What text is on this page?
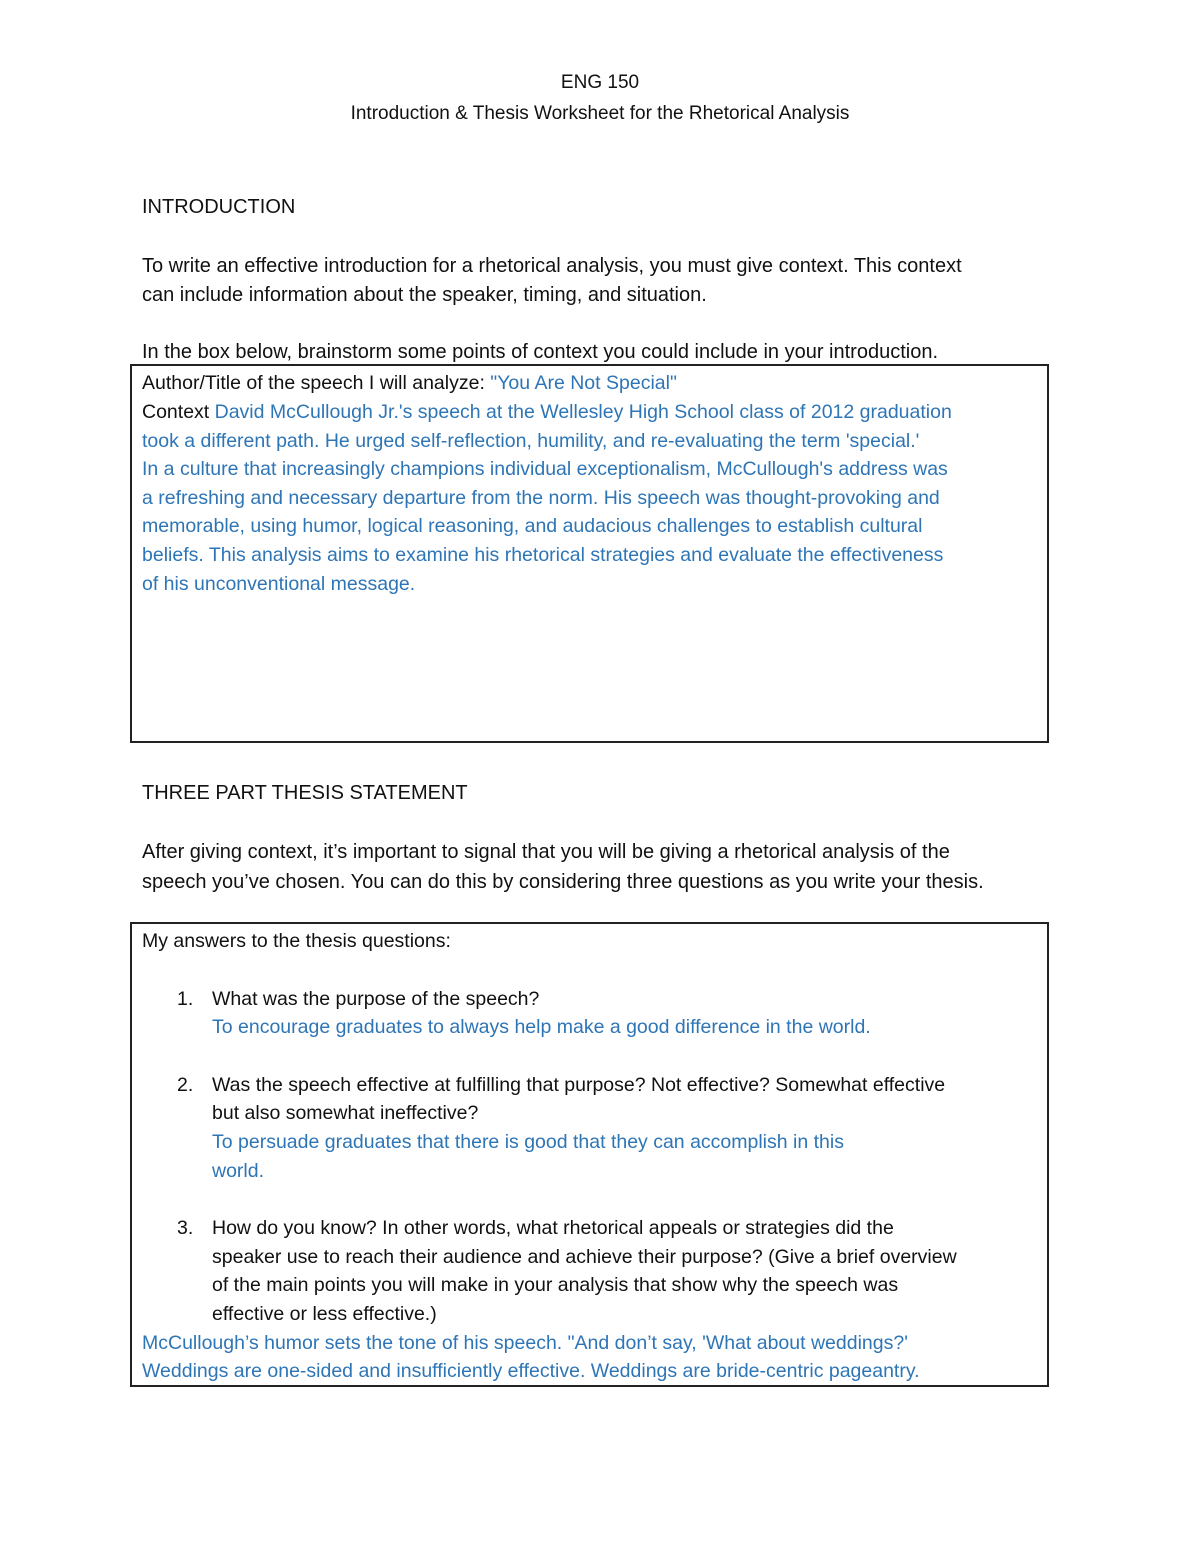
ENG 150
Introduction & Thesis Worksheet for the Rhetorical Analysis
INTRODUCTION
To write an effective introduction for a rhetorical analysis, you must give context. This context
can include information about the speaker, timing, and situation.
In the box below, brainstorm some points of context you could include in your introduction.
Author/Title of the speech I will analyze: "You Are Not Special"
Context David McCullough Jr.'s speech at the Wellesley High School class of 2012 graduation
took a different path. He urged self-reflection, humility, and re-evaluating the term 'special.'
In a culture that increasingly champions individual exceptionalism, McCullough's address was
a refreshing and necessary departure from the norm. His speech was thought-provoking and
memorable, using humor, logical reasoning, and audacious challenges to establish cultural
beliefs. This analysis aims to examine his rhetorical strategies and evaluate the effectiveness
of his unconventional message.
THREE PART THESIS STATEMENT
After giving context, it’s important to signal that you will be giving a rhetorical analysis of the
speech you’ve chosen. You can do this by considering three questions as you write your thesis.
My answers to the thesis questions:
1. What was the purpose of the speech?
To encourage graduates to always help make a good difference in the world.
2. Was the speech effective at fulfilling that purpose? Not effective? Somewhat effective
but also somewhat ineffective?
To persuade graduates that there is good that they can accomplish in this
world.
3. How do you know? In other words, what rhetorical appeals or strategies did the
speaker use to reach their audience and achieve their purpose? (Give a brief overview
of the main points you will make in your analysis that show why the speech was
effective or less effective.)
McCullough’s humor sets the tone of his speech. "And don’t say, 'What about weddings?'
Weddings are one-sided and insufficiently effective. Weddings are bride-centric pageantry.
